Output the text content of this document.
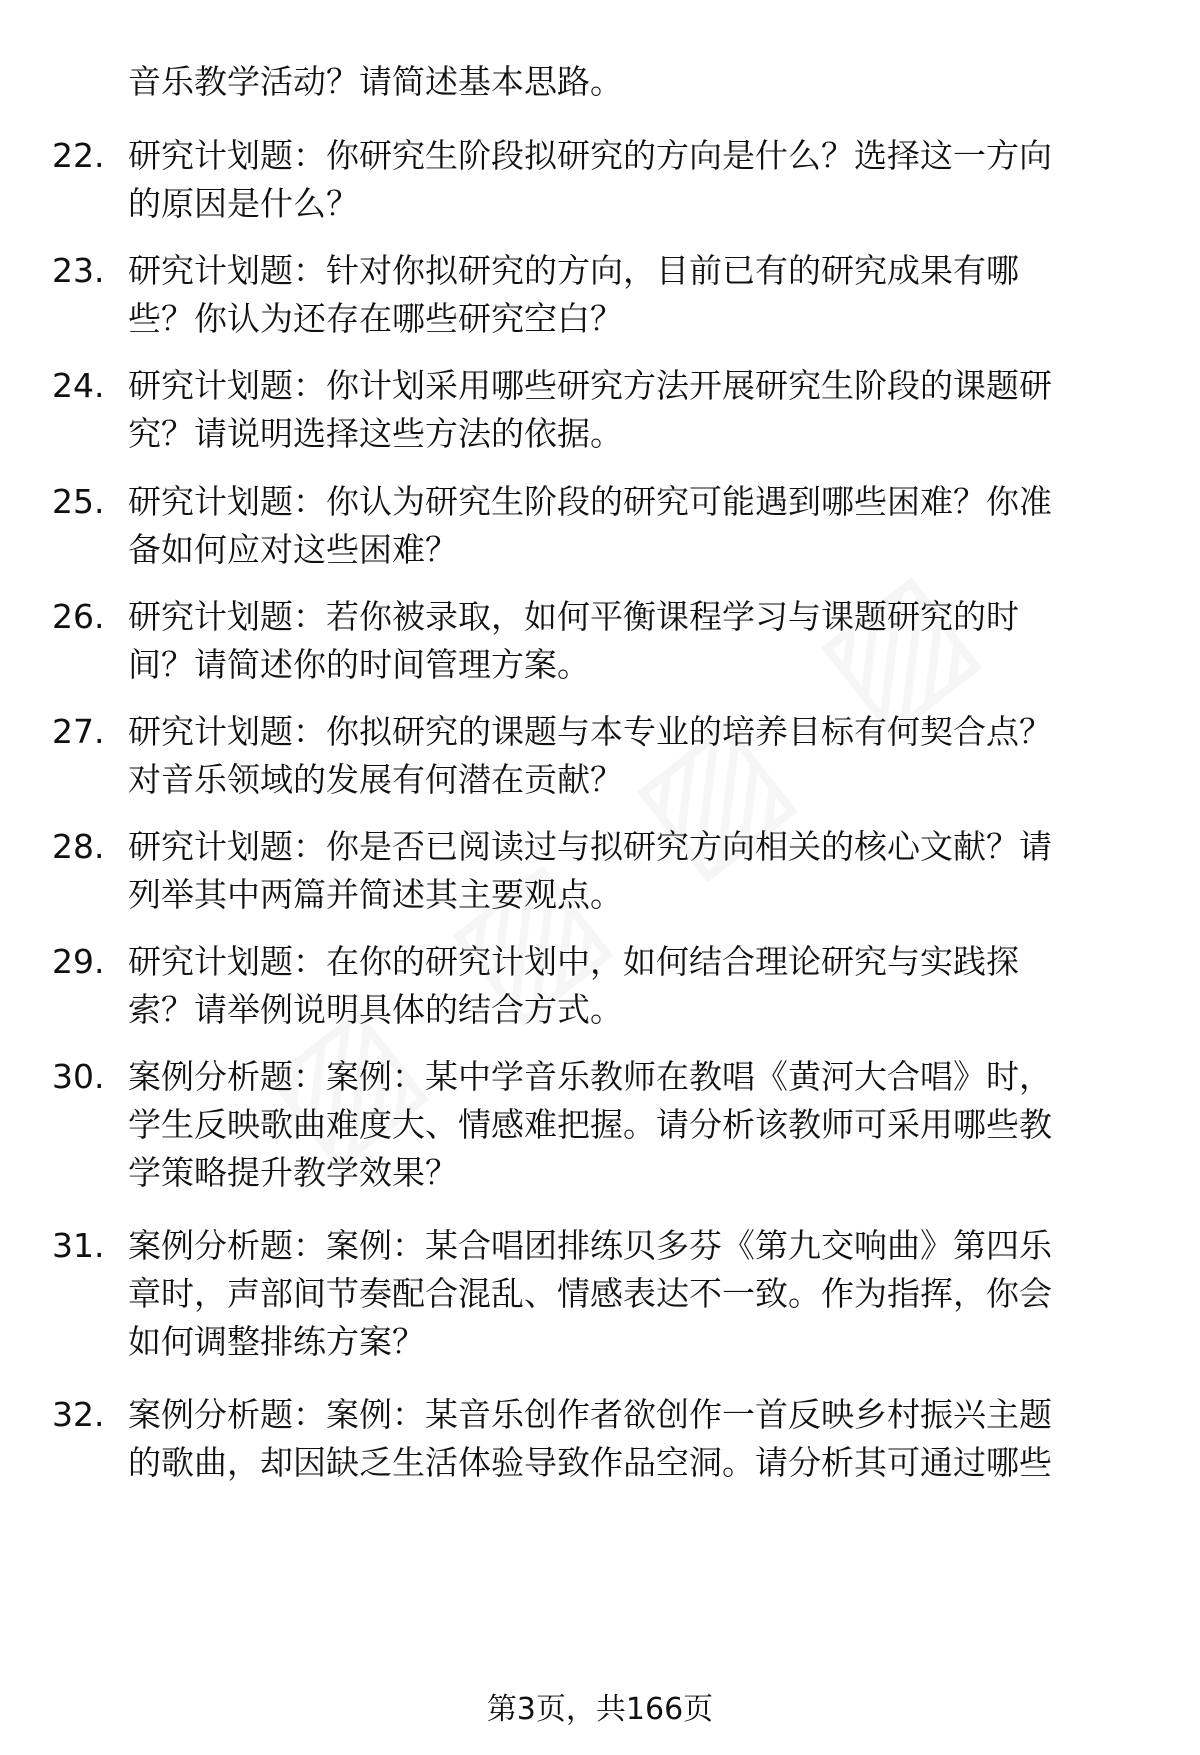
音乐教学活动？请简述基本思路。
22. 研究计划题：你研究生阶段拟研究的方向是什么？选择这一方向
的原因是什么？
23. 研究计划题：针对你拟研究的方向，目前已有的研究成果有哪
些？你认为还存在哪些研究空白？
24. 研究计划题：你计划采用哪些研究方法开展研究生阶段的课题研
究？请说明选择这些方法的依据。
25. 研究计划题：你认为研究生阶段的研究可能遇到哪些困难？你准
备如何应对这些困难？
26. 研究计划题：若你被录取，如何平衡课程学习与课题研究的时
间？请简述你的时间管理方案。
27. 研究计划题：你拟研究的课题与本专业的培养目标有何契合点？
对音乐领域的发展有何潜在贡献？
28. 研究计划题：你是否已阅读过与拟研究方向相关的核心文献？请
列举其中两篇并简述其主要观点。
29. 研究计划题：在你的研究计划中，如何结合理论研究与实践探
索？请举例说明具体的结合方式。
30. 案例分析题：案例：某中学音乐教师在教唱《黄河大合唱》时，
学生反映歌曲难度大、情感难把握。请分析该教师可采用哪些教
学策略提升教学效果？
31. 案例分析题：案例：某合唱团排练贝多芬《第九交响曲》第四乐
章时，声部间节奏配合混乱、情感表达不一致。作为指挥，你会
如何调整排练方案？
32. 案例分析题：案例：某音乐创作者欲创作一首反映乡村振兴主题
的歌曲，却因缺乏生活体验导致作品空洞。请分析其可通过哪些
第3页，共166页
